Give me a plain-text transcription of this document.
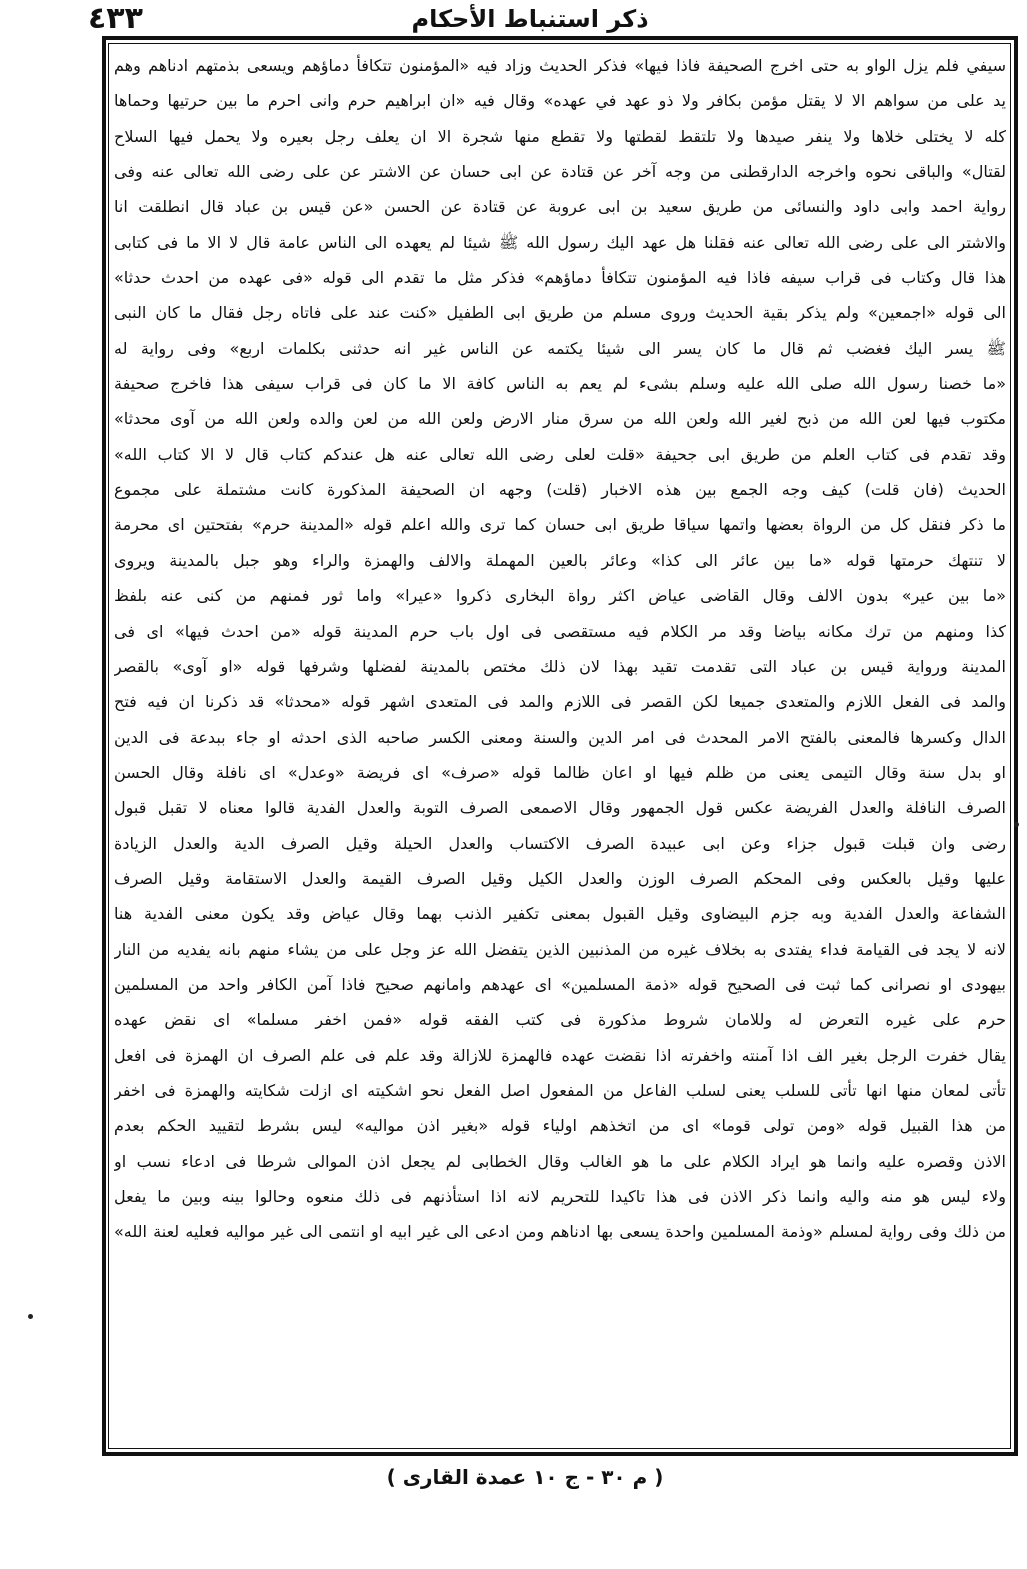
٤٣٣	ذكر استنباط الأحكام
سيفي فلم يزل الواو به حتى اخرج الصحيفة فاذا فيها» فذكر الحديث وزاد فيه «المؤمنون تتكافأ دماؤهم ويسعى بذمتهم ادناهم وهم
يد على من سواهم الا لا يقتل مؤمن بكافر ولا ذو عهد في عهده» وقال فيه «ان ابراهيم حرم وانى احرم ما بين حرتيها وحماها
كله لا يختلى خلاها ولا ينفر صيدها ولا تلتقط لقطتها ولا تقطع منها شجرة الا ان يعلف رجل بعيره ولا يحمل فيها السلاح
لقتال» والباقى نحوه واخرجه الدارقطنى من وجه آخر عن قتادة عن ابى حسان عن الاشتر عن على رضى الله تعالى عنه وفى
رواية احمد وابى داود والنسائى من طريق سعيد بن ابى عروبة عن قتادة عن الحسن «عن قيس بن عباد قال انطلقت انا
والاشتر الى على رضى الله تعالى عنه فقلنا هل عهد اليك رسول الله ﷺ شيئا لم يعهده الى الناس عامة قال لا الا ما فى كتابى
هذا قال وكتاب فى قراب سيفه فاذا فيه المؤمنون تتكافأ دماؤهم» فذكر مثل ما تقدم الى قوله «فى عهده من احدث حدثا»
الى قوله «اجمعين» ولم يذكر بقية الحديث وروى مسلم من طريق ابى الطفيل «كنت عند على فاتاه رجل فقال ما كان النبى
ﷺ يسر اليك فغضب ثم قال ما كان يسر الى شيئا يكتمه عن الناس غير انه حدثنى بكلمات اربع» وفى رواية له
«ما خصنا رسول الله صلى الله عليه وسلم بشىء لم يعم به الناس كافة الا ما كان فى قراب سيفى هذا فاخرج صحيفة
مكتوب فيها لعن الله من ذبح لغير الله ولعن الله من سرق منار الارض ولعن الله من لعن والده ولعن الله من آوى محدثا»
وقد تقدم فى كتاب العلم من طريق ابى جحيفة «قلت لعلى رضى الله تعالى عنه هل عندكم كتاب قال لا الا كتاب الله»
الحديث (فان قلت) كيف وجه الجمع بين هذه الاخبار (قلت) وجهه ان الصحيفة المذكورة كانت مشتملة على مجموع
ما ذكر فنقل كل من الرواة بعضها واتمها سياقا طريق ابى حسان كما ترى والله اعلم قوله «المدينة حرم» بفتحتين اى محرمة
لا تنتهك حرمتها قوله «ما بين عائر الى كذا» وعائر بالعين المهملة والالف والهمزة والراء وهو جبل بالمدينة ويروى
«ما بين عير» بدون الالف وقال القاضى عياض اكثر رواة البخارى ذكروا «عيرا» واما ثور فمنهم من كنى عنه بلفظ
كذا ومنهم من ترك مكانه بياضا وقد مر الكلام فيه مستقصى فى اول باب حرم المدينة قوله «من احدث فيها» اى فى
المدينة ورواية قيس بن عباد التى تقدمت تقيد بهذا لان ذلك مختص بالمدينة لفضلها وشرفها قوله «او آوى» بالقصر
والمد فى الفعل اللازم والمتعدى جميعا لكن القصر فى اللازم والمد فى المتعدى اشهر قوله «محدثا» قد ذكرنا ان فيه فتح
الدال وكسرها فالمعنى بالفتح الامر المحدث فى امر الدين والسنة ومعنى الكسر صاحبه الذى احدثه او جاء ببدعة فى الدين
او بدل سنة وقال التيمى يعنى من ظلم فيها او اعان ظالما قوله «صرف» اى فريضة «وعدل» اى نافلة وقال الحسن
الصرف النافلة والعدل الفريضة عكس قول الجمهور وقال الاصمعى الصرف التوبة والعدل الفدية قالوا معناه لا تقبل قبول
رضى وان قبلت قبول جزاء وعن ابى عبيدة الصرف الاكتساب والعدل الحيلة وقيل الصرف الدية والعدل الزيادة
عليها وقيل بالعكس وفى المحكم الصرف الوزن والعدل الكيل وقيل الصرف القيمة والعدل الاستقامة وقيل الصرف
الشفاعة والعدل الفدية وبه جزم البيضاوى وقيل القبول بمعنى تكفير الذنب بهما وقال عياض وقد يكون معنى الفدية هنا
لانه لا يجد فى القيامة فداء يفتدى به بخلاف غيره من المذنبين الذين يتفضل الله عز وجل على من يشاء منهم بانه يفديه من النار
بيهودى او نصرانى كما ثبت فى الصحيح قوله «ذمة المسلمين» اى عهدهم وامانهم صحيح فاذا آمن الكافر واحد من المسلمين
حرم على غيره التعرض له وللامان شروط مذكورة فى كتب الفقه قوله «فمن اخفر مسلما» اى نقض عهده
يقال خفرت الرجل بغير الف اذا آمنته واخفرته اذا نقضت عهده فالهمزة للازالة وقد علم فى علم الصرف ان الهمزة فى افعل
تأتى لمعان منها انها تأتى للسلب يعنى لسلب الفاعل من المفعول اصل الفعل نحو اشكيته اى ازلت شكايته والهمزة فى اخفر
من هذا القبيل قوله «ومن تولى قوما» اى من اتخذهم اولياء قوله «بغير اذن مواليه» ليس بشرط لتقييد الحكم بعدم
الاذن وقصره عليه وانما هو ايراد الكلام على ما هو الغالب وقال الخطابى لم يجعل اذن الموالى شرطا فى ادعاء نسب او
ولاء ليس هو منه واليه وانما ذكر الاذن فى هذا تاكيدا للتحريم لانه اذا استأذنهم فى ذلك منعوه وحالوا بينه وبين ما يفعل
من ذلك وفى رواية لمسلم «وذمة المسلمين واحدة يسعى بها ادناهم ومن ادعى الى غير ابيه او انتمى الى غير مواليه فعليه لعنة الله»
( م ٣٠ - ج ١٠ عمدة القارى )
